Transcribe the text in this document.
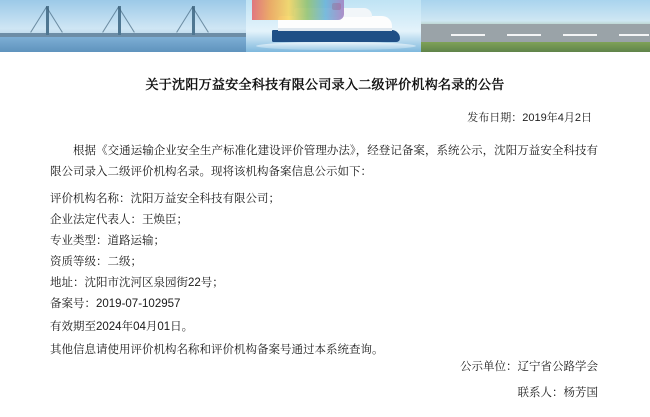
关于沈阳万益安全科技有限公司录入二级评价机构名录的公告
发布日期：2019年4月2日
根据《交通运输企业安全生产标准化建设评价管理办法》，经登记备案，系统公示，沈阳万益安全科技有限公司录入二级评价机构名录。现将该机构备案信息公示如下：
评价机构名称：沈阳万益安全科技有限公司；
企业法定代表人：王焕臣；
专业类型：道路运输；
资质等级：二级；
地址：沈阳市沈河区泉园街22号；
备案号：2019-07-102957
有效期至2024年04月01日。
其他信息请使用评价机构名称和评价机构备案号通过本系统查询。
公示单位：辽宁省公路学会
联系人：杨芳国
